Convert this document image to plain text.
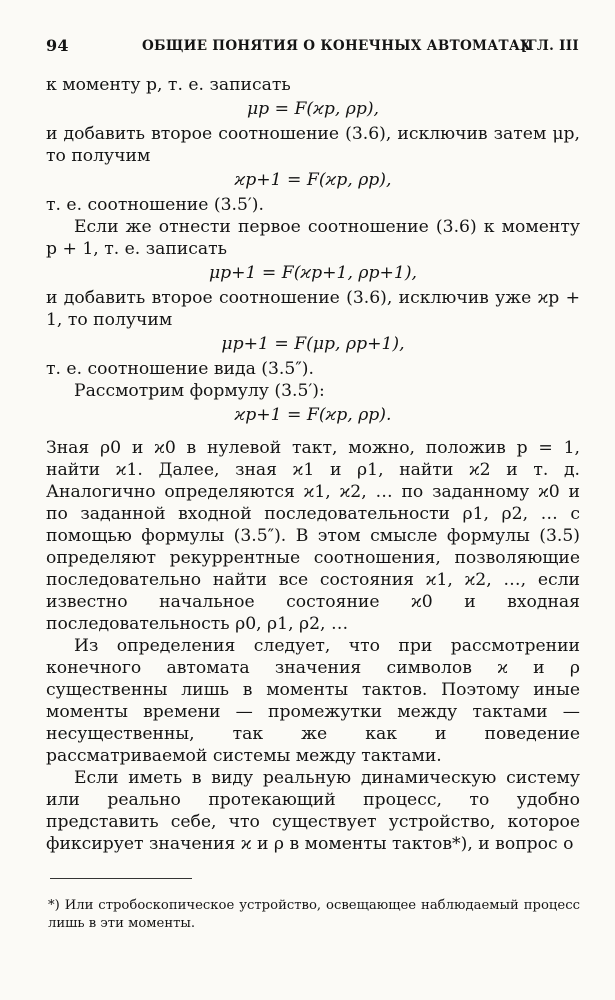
94	ОБЩИЕ ПОНЯТИЯ О КОНЕЧНЫХ АВТОМАТАХ
[ГЛ. III

к моменту p, т. е. записать

μp = F(ϰp, ρp),

и добавить второе соотношение (3.6), исключив затем μp, то получим

ϰp+1 = F(ϰp, ρp),

т. е. соотношение (3.5′).

Если же отнести первое соотношение (3.6) к моменту p + 1, т. е. записать

μp+1 = F(ϰp+1, ρp+1),

и добавить второе соотношение (3.6), исключив уже ϰp + 1, то получим

μp+1 = F(μp, ρp+1),

т. е. соотношение вида (3.5″).

Рассмотрим формулу (3.5′):

ϰp+1 = F(ϰp, ρp).

Зная ρ0 и ϰ0 в нулевой такт, можно, положив p = 1, найти ϰ1. Далее, зная ϰ1 и ρ1, найти ϰ2 и т. д. Аналогично определяются ϰ1, ϰ2, … по заданному ϰ0 и по заданной входной последовательности ρ1, ρ2, … с помощью формулы (3.5″). В этом смысле формулы (3.5) определяют рекуррентные соотношения, позволяющие последовательно найти все состояния ϰ1, ϰ2, …, если известно начальное состояние ϰ0 и входная последовательность ρ0, ρ1, ρ2, …

Из определения следует, что при рассмотрении конечного автомата значения символов ϰ и ρ существенны лишь в моменты тактов. Поэтому иные моменты времени — промежутки между тактами — несущественны, так же как и поведение рассматриваемой системы между тактами.

Если иметь в виду реальную динамическую систему или реально протекающий процесс, то удобно представить себе, что существует устройство, которое фиксирует значения ϰ и ρ в моменты тактов*), и вопрос о

*) Или стробоскопическое устройство, освещающее наблюдаемый процесс лишь в эти моменты.
